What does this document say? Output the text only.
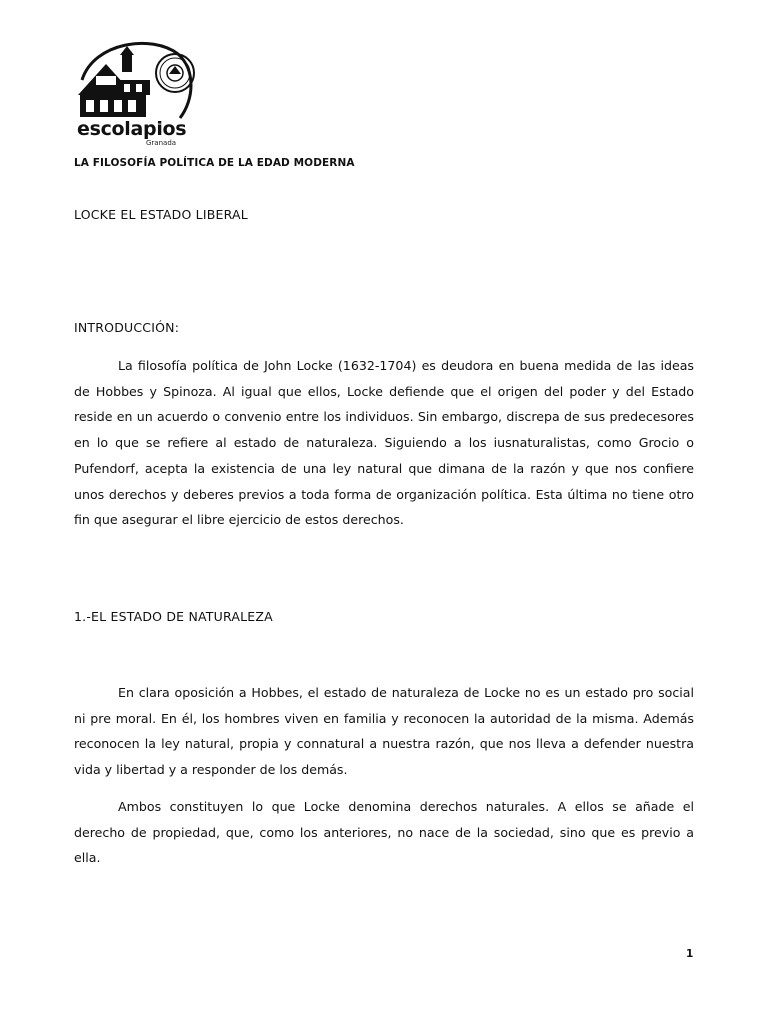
escolapios
Granada
LA FILOSOFÍA POLÍTICA DE LA EDAD MODERNA
LOCKE EL ESTADO LIBERAL
INTRODUCCIÓN:

La filosofía política de John Locke (1632-1704) es deudora en buena medida de las ideas de Hobbes y Spinoza. Al igual que ellos, Locke defiende que el origen del poder y del Estado reside en un acuerdo o convenio entre los individuos. Sin embargo, discrepa de sus predecesores en lo que se refiere al estado de naturaleza. Siguiendo a los iusnaturalistas, como Grocio o Pufendorf, acepta la existencia de una ley natural que dimana de la razón y que nos confiere unos derechos y deberes previos a toda forma de organización política. Esta última no tiene otro fin que asegurar el libre ejercicio de estos derechos.

1.-EL ESTADO DE NATURALEZA

En clara oposición a Hobbes, el estado de naturaleza de Locke no es un estado pro social ni pre moral. En él, los hombres viven en familia y reconocen la autoridad de la misma. Además reconocen la ley natural, propia y connatural a nuestra razón, que nos lleva a defender nuestra vida y libertad y a responder de los demás.

Ambos constituyen lo que Locke denomina derechos naturales. A ellos se añade el derecho de propiedad, que, como los anteriores, no nace de la sociedad, sino que es previo a ella.

1
